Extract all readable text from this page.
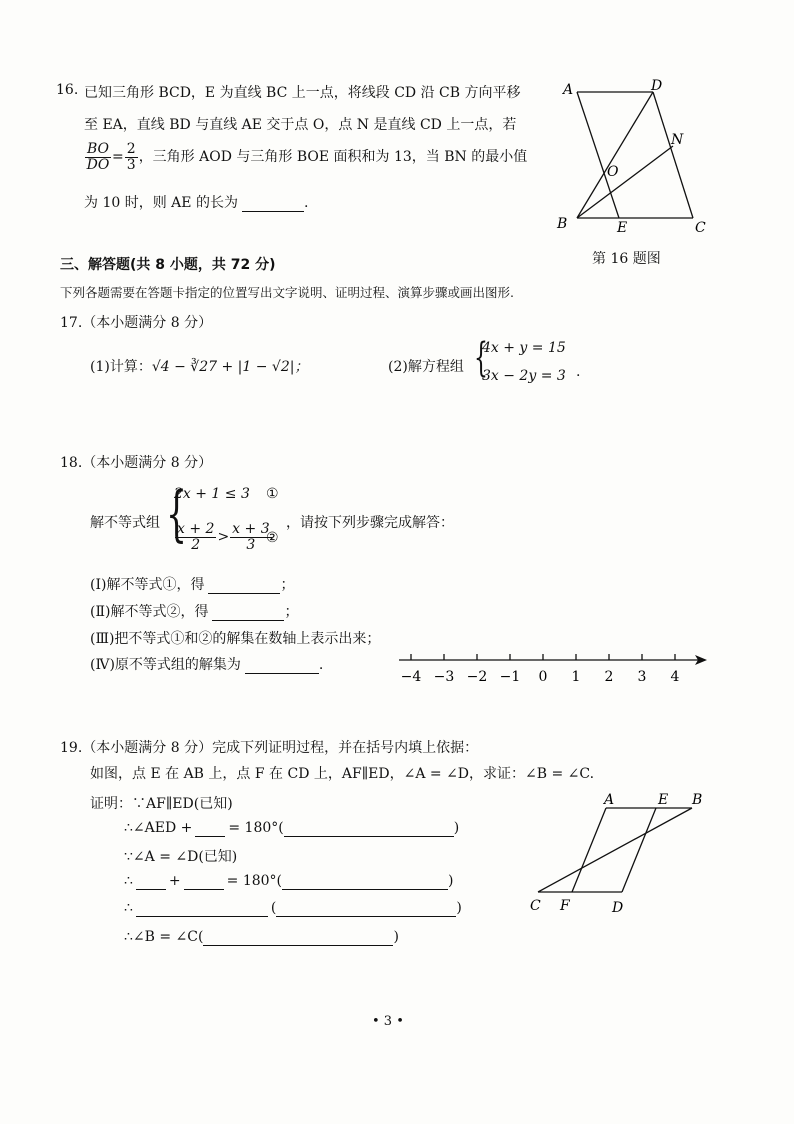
16. 已知三角形 BCD，E 为直线 BC 上一点，将线段 CD 沿 CB 方向平移
至 EA，直线 BD 与直线 AE 交于点 O，点 N 是直线 CD 上一点，若
$\frac{BO}{DO} = \frac{2}{3}$ ，三角形 AOD 与三角形 BOE 面积和为 13，当 BN 的最小值
为 10 时，则 AE 的长为	.
A	D
N
O
B	E	C
第 16 题图
三、解答题(共 8 小题，共 72 分)
下列各题需要在答题卡指定的位置写出文字说明、证明过程、演算步骤或画出图形.
17.（本小题满分 8 分）
(1)计算：√4 − ∛27 + |1 − √2|；	(2)解方程组 {
4x + y = 15
3x − 2y = 3 .
18.（本小题满分 8 分）
解不等式组 {
2x + 1 ≤ 3 ①
$\frac{x + 2}{2} > \frac{x + 3}{3}$
②
，请按下列步骤完成解答：
(Ⅰ)解不等式①，得	；
(Ⅱ)解不等式②，得	；
(Ⅲ)把不等式①和②的解集在数轴上表示出来；
(Ⅳ)原不等式组的解集为	.
−4 −3 −2 −1 0 1 2 3 4
19.（本小题满分 8 分）完成下列证明过程，并在括号内填上依据：
如图，点 E 在 AB 上，点 F 在 CD 上，AF∥ED，∠A = ∠D，求证：∠B = ∠C.
证明：∵AF∥ED(已知)
∴∠AED +	= 180°(	)
∵∠A = ∠D(已知)
∴	+	= 180°(	)
∴	(	)
∴∠B = ∠C(	)
A	E B
C F	D
• 3 •
